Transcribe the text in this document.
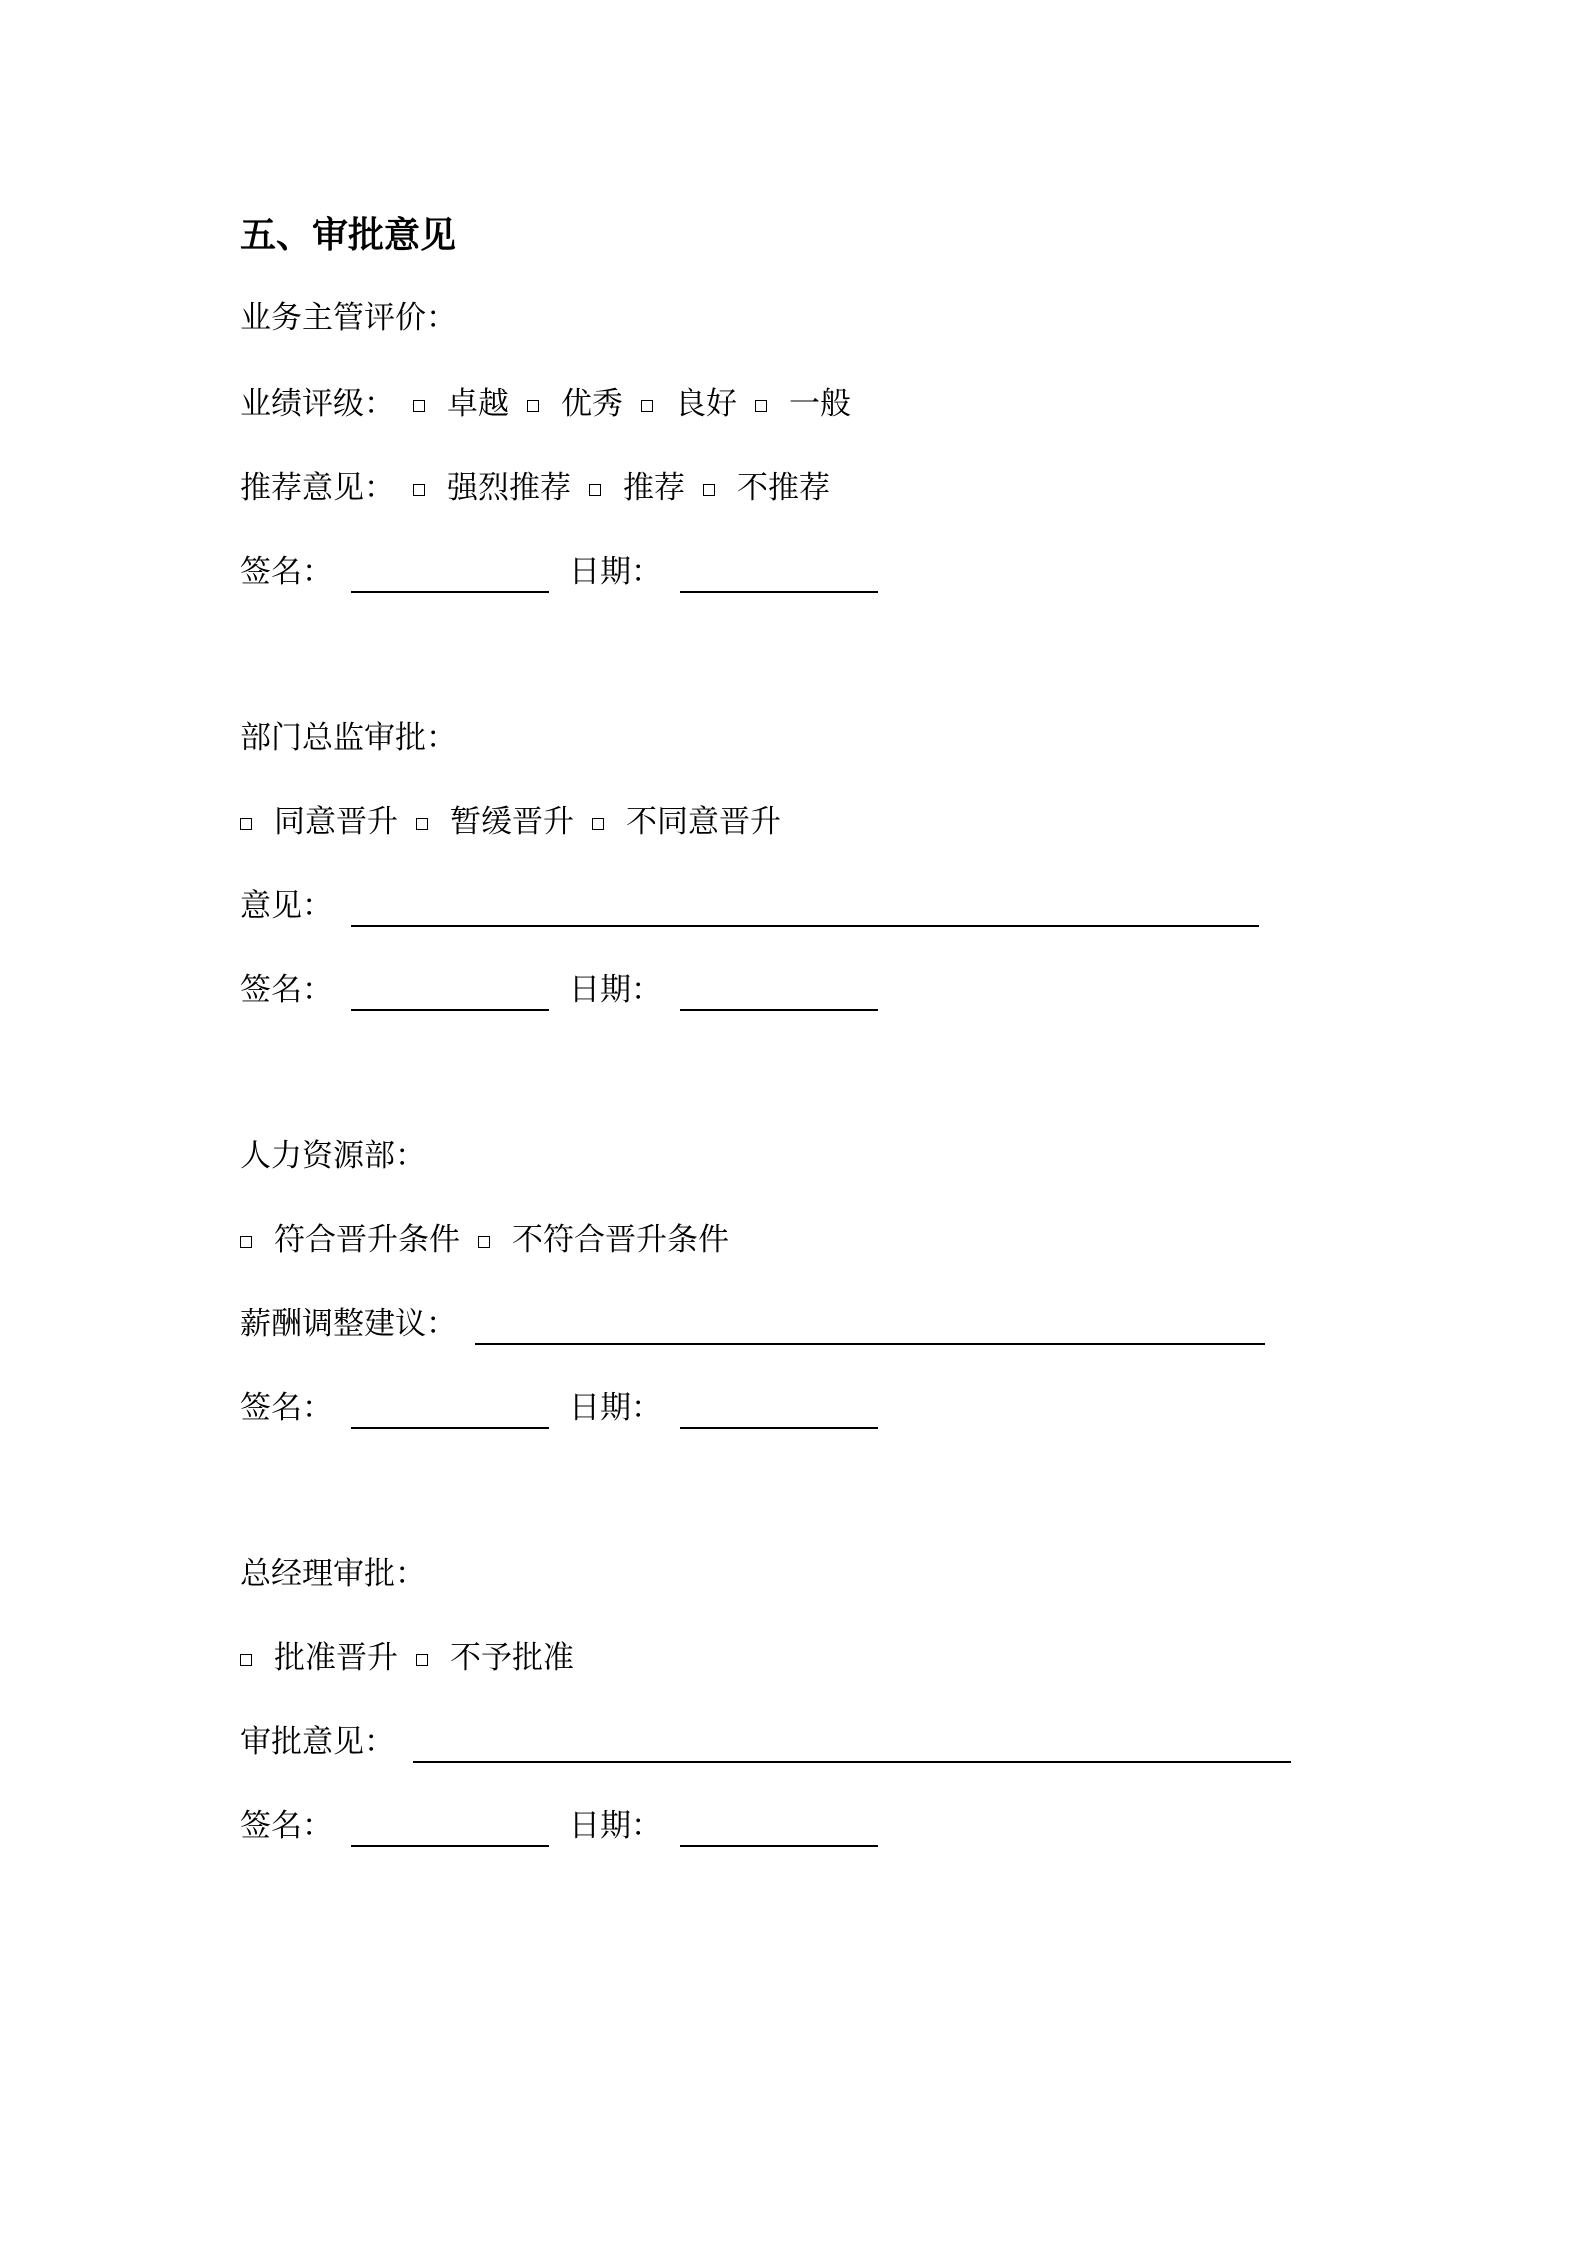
五、审批意见
业务主管评价：
业绩评级： 卓越 优秀 良好 一般
推荐意见： 强烈推荐 推荐 不推荐
签名：	日期：
部门总监审批：
同意晋升 暂缓晋升 不同意晋升
意见：
签名：	日期：
人力资源部：
符合晋升条件 不符合晋升条件
薪酬调整建议：
签名：	日期：
总经理审批：
批准晋升 不予批准
审批意见：
签名：	日期：
